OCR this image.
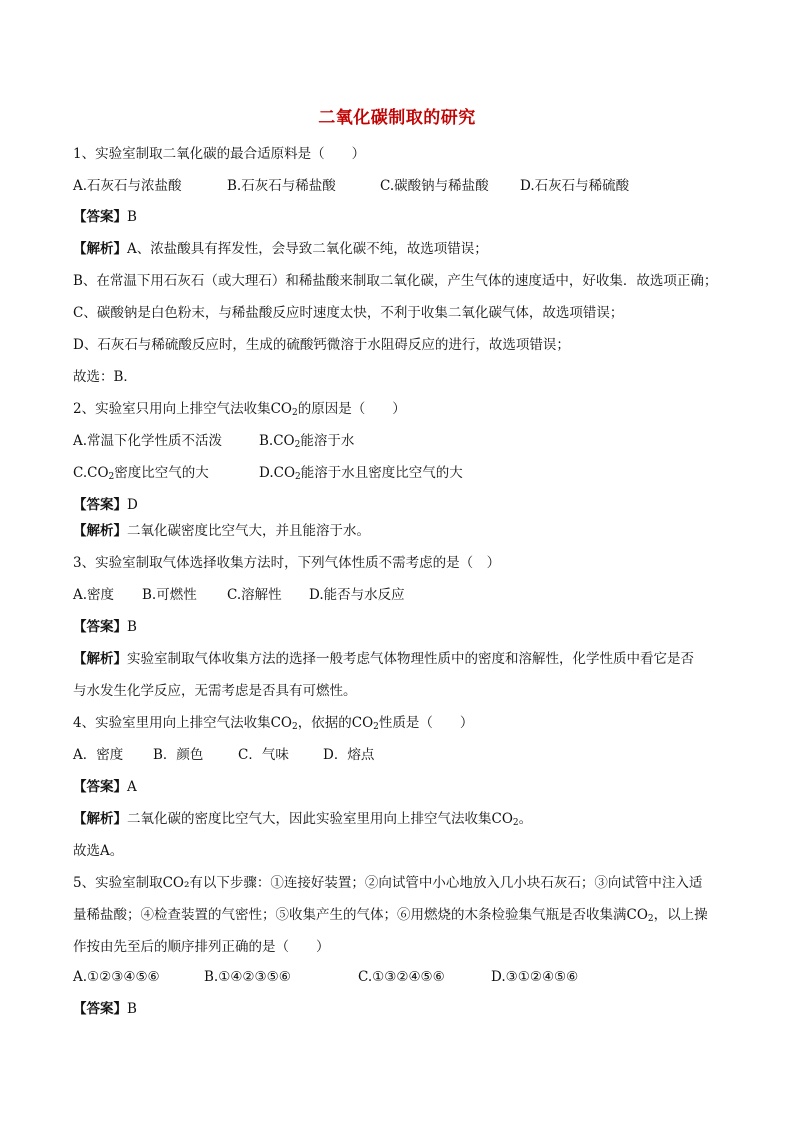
二氧化碳制取的研究
1、实验室制取二氧化碳的最合适原料是（　　）
A.石灰石与浓盐酸	B.石灰石与稀盐酸	C.碳酸钠与稀盐酸 D.石灰石与稀硫酸
【答案】B
【解析】A、浓盐酸具有挥发性，会导致二氧化碳不纯，故选项错误；
B、在常温下用石灰石（或大理石）和稀盐酸来制取二氧化碳，产生气体的速度适中，好收集．故选项正确；
C、碳酸钠是白色粉末，与稀盐酸反应时速度太快，不利于收集二氧化碳气体，故选项错误；
D、石灰石与稀硫酸反应时，生成的硫酸钙微溶于水阻碍反应的进行，故选项错误；
故选：B．
2、实验室只用向上排空气法收集$CO_2$的原因是（　　）
A.常温下化学性质不活泼	$B.CO_2$能溶于水
$C.CO_2$密度比空气的大	$D.CO_2$能溶于水且密度比空气的大
【答案】D
【解析】二氧化碳密度比空气大，并且能溶于水。
3、实验室制取气体选择收集方法时，下列气体性质不需考虑的是（　）
A.密度 B.可燃性 C.溶解性 D.能否与水反应
【答案】B
【解析】实验室制取气体收集方法的选择一般考虑气体物理性质中的密度和溶解性，化学性质中看它是否
与水发生化学反应，无需考虑是否具有可燃性。
4、实验室里用向上排空气法收集$CO_2$，依据的$CO_2$性质是（　　）
A．密度 B．颜色	C．气味	D．熔点
【答案】A
【解析】二氧化碳的密度比空气大，因此实验室里用向上排空气法收集$CO_2$。
故选A。
5、实验室制取CO₂有以下步骤：①连接好装置；②向试管中小心地放入几小块石灰石；③向试管中注入适
量稀盐酸；④检查装置的气密性；⑤收集产生的气体；⑥用燃烧的木条检验集气瓶是否收集满$CO_2$，以上操
作按由先至后的顺序排列正确的是（　　）
A.①②③④⑤⑥	B.①④②③⑤⑥	C.①③②④⑤⑥	D.③①②④⑤⑥
【答案】B
